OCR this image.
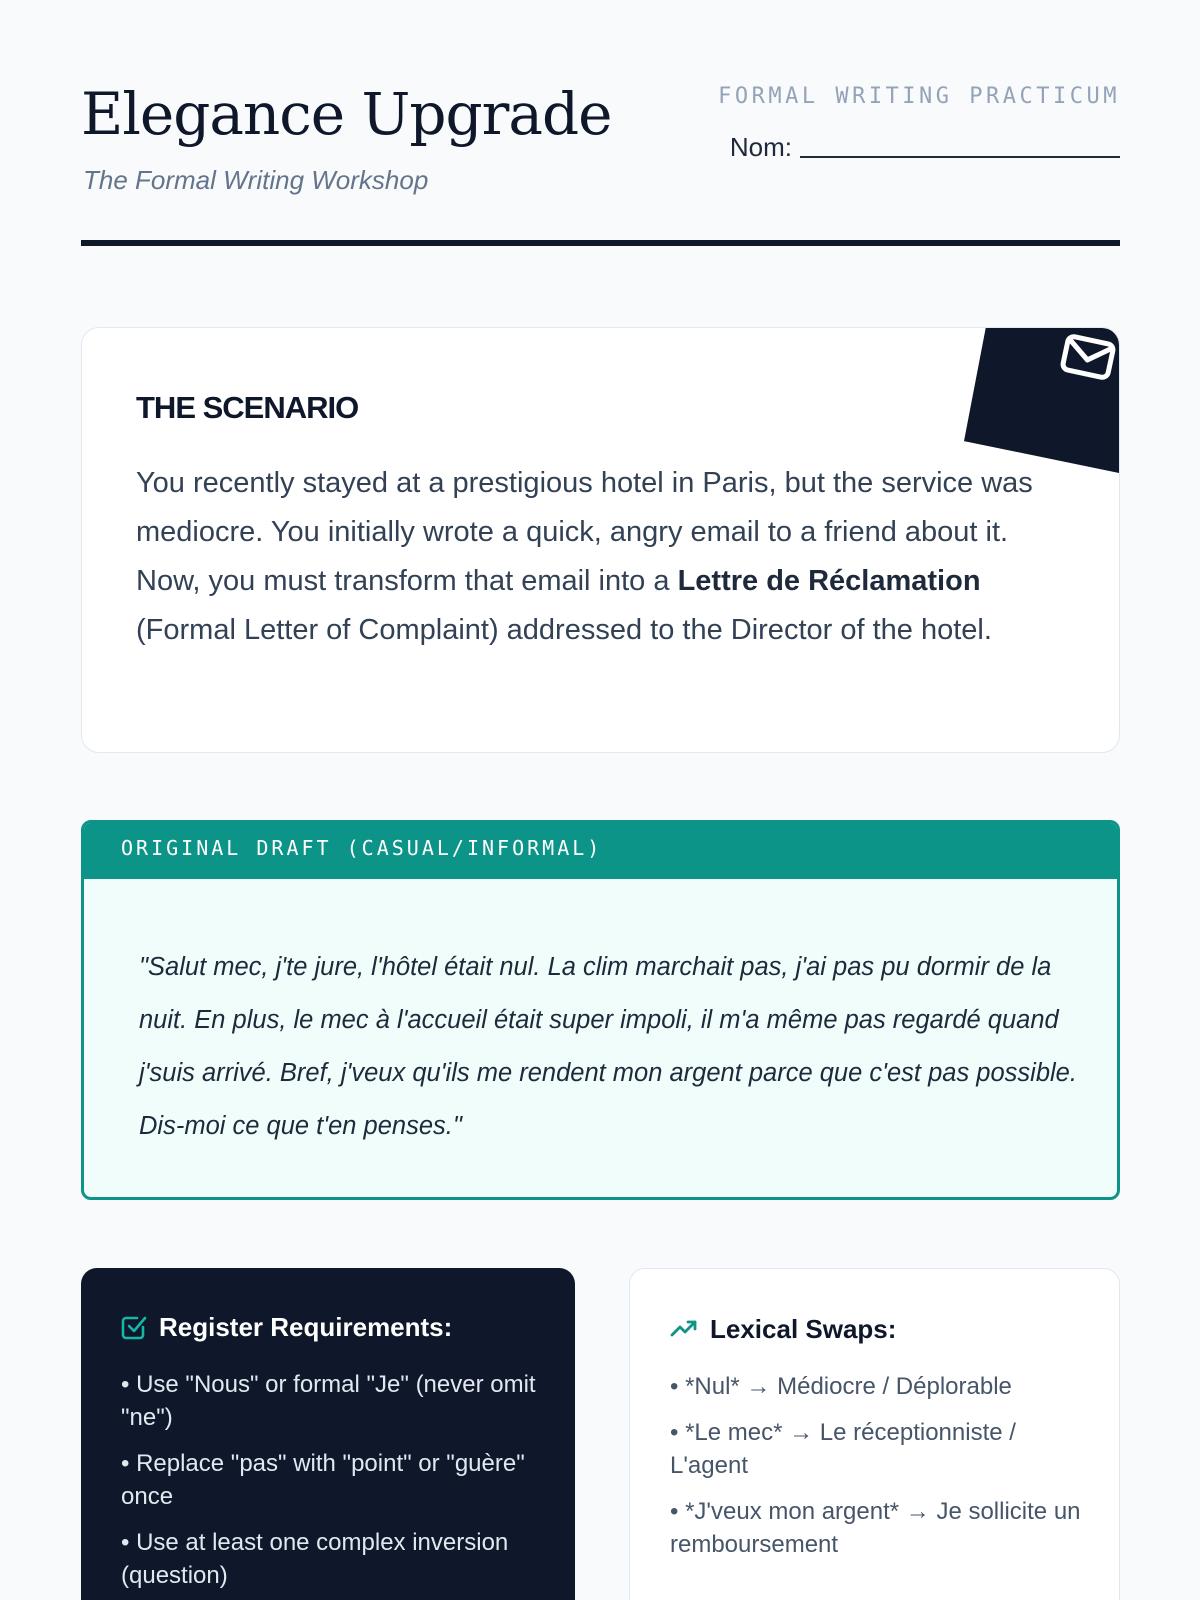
Elegance Upgrade
The Formal Writing Workshop
FORMAL WRITING PRACTICUM
Nom:
THE SCENARIO

You recently stayed at a prestigious hotel in Paris, but the service was mediocre. You initially wrote a quick, angry email to a friend about it. Now, you must transform that email into a Lettre de Réclamation (Formal Letter of Complaint) addressed to the Director of the hotel.

ORIGINAL DRAFT (CASUAL/INFORMAL)

"Salut mec, j'te jure, l'hôtel était nul. La clim marchait pas, j'ai pas pu dormir de la nuit. En plus, le mec à l'accueil était super impoli, il m'a même pas regardé quand j'suis arrivé. Bref, j'veux qu'ils me rendent mon argent parce que c'est pas possible. Dis-moi ce que t'en penses."

Register Requirements:
• Use "Nous" or formal "Je" (never omit "ne")
• Replace "pas" with "point" or "guère" once
• Use at least one complex inversion (question)
Lexical Swaps:
• *Nul* → Médiocre / Déplorable
• *Le mec* → Le réceptionniste / L'agent
• *J'veux mon argent* → Je sollicite un remboursement
